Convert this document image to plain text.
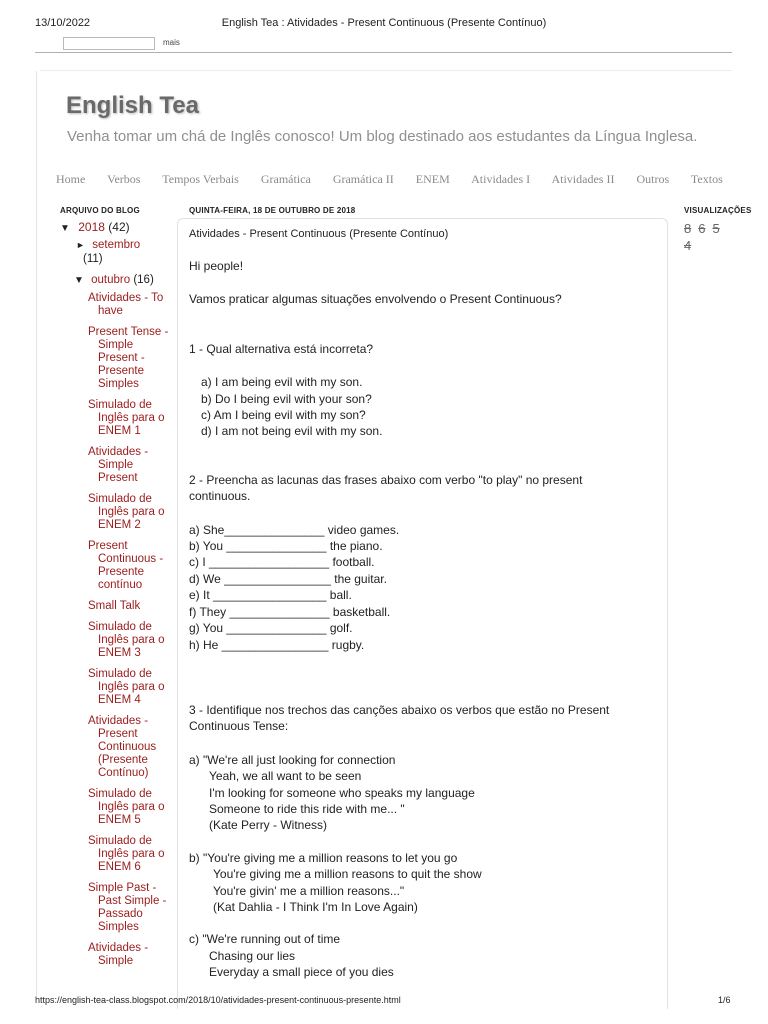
13/10/2022	English Tea : Atividades - Present Continuous (Presente Contínuo)
mais
English Tea
Venha tomar um chá de Inglês conosco! Um blog destinado aos estudantes da Língua Inglesa.
Home Verbos Tempos Verbais Gramática Gramática II ENEM Atividades I Atividades II Outros Textos
ARQUIVO DO BLOG	QUINTA-FEIRA, 18 DE OUTUBRO DE 2018	VISUALIZAÇÕES
▼ 2018 (42)
► setembro
(11)
▼ outubro (16)
Atividades - To have
Present Tense - Simple Present - Presente Simples
Simulado de Inglês para o ENEM 1
Atividades - Simple Present
Simulado de Inglês para o ENEM 2
Present Continuous - Presente contínuo
Small Talk
Simulado de Inglês para o ENEM 3
Simulado de Inglês para o ENEM 4
Atividades - Present Continuous (Presente Contínuo)
Simulado de Inglês para o ENEM 5
Simulado de Inglês para o ENEM 6
Simple Past - Past Simple - Passado Simples
Atividades - Simple
Atividades - Present Continuous (Presente Contínuo)
Hi people!
Vamos praticar algumas situações envolvendo o Present Continuous?
1 - Qual alternativa está incorreta?
a) I am being evil with my son.
b) Do I being evil with your son?
c) Am I being evil with my son?
d) I am not being evil with my son.
2 - Preencha as lacunas das frases abaixo com verbo "to play" no present continuous.
a) She_______________ video games.
b) You _______________ the piano.
c) I __________________ football.
d) We ________________ the guitar.
e) It _________________ ball.
f) They _______________ basketball.
g) You _______________ golf.
h) He ________________ rugby.
3 - Identifique nos trechos das canções abaixo os verbos que estão no Present Continuous Tense:
a) "We're all just looking for connection
Yeah, we all want to be seen
I'm looking for someone who speaks my language
Someone to ride this ride with me... "
(Kate Perry - Witness)
b) "You're giving me a million reasons to let you go
You're giving me a million reasons to quit the show
You're givin' me a million reasons..."
(Kat Dahlia - I Think I'm In Love Again)
c) "We're running out of time
Chasing our lies
Everyday a small piece of you dies
8 6 5
4
https://english-tea-class.blogspot.com/2018/10/atividades-present-continuous-presente.html	1/6
